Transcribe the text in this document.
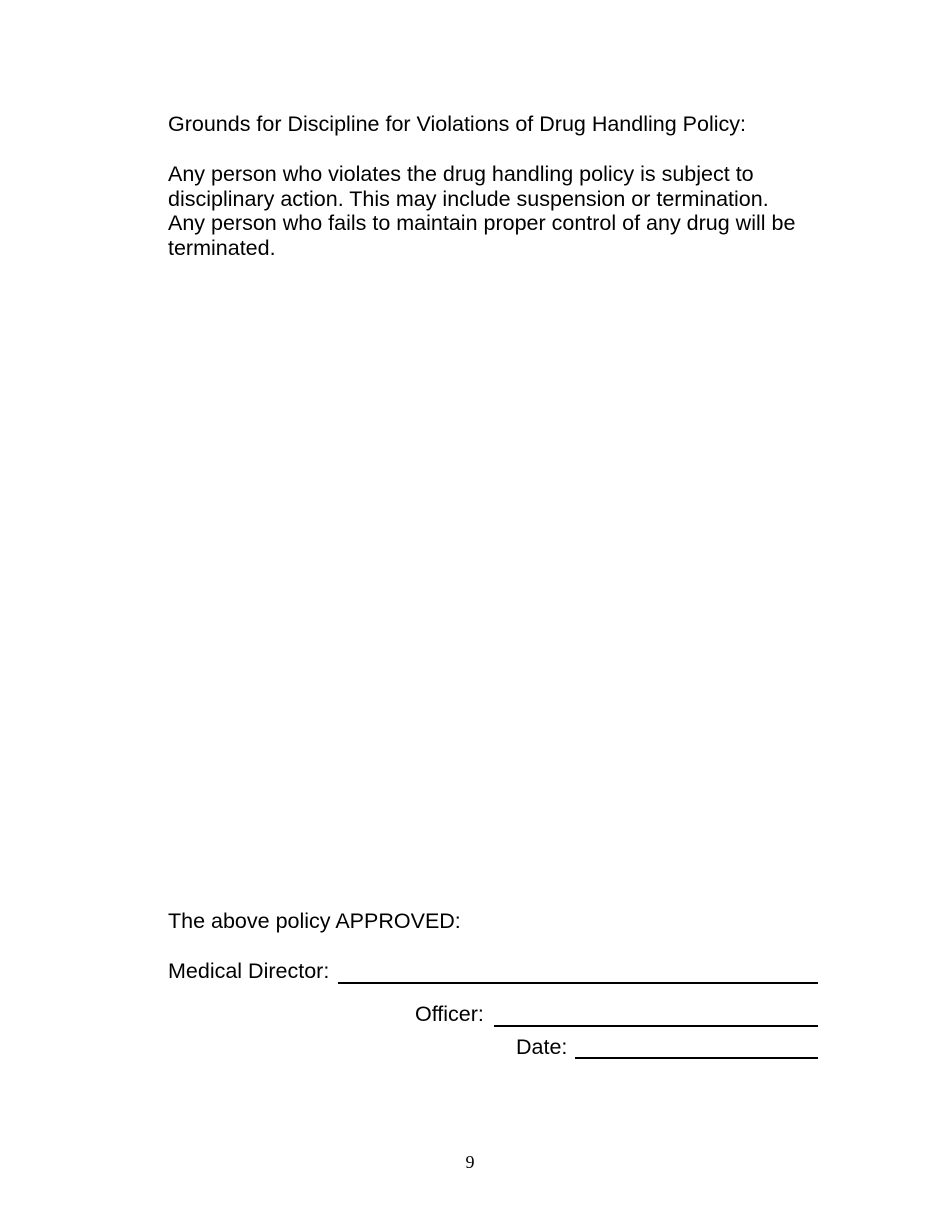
Grounds for Discipline for Violations of Drug Handling Policy:
Any person who violates the drug handling policy is subject to
disciplinary action. This may include suspension or termination.
Any person who fails to maintain proper control of any drug will be
terminated.
The above policy APPROVED:
Medical Director:
Officer:
Date:
9
